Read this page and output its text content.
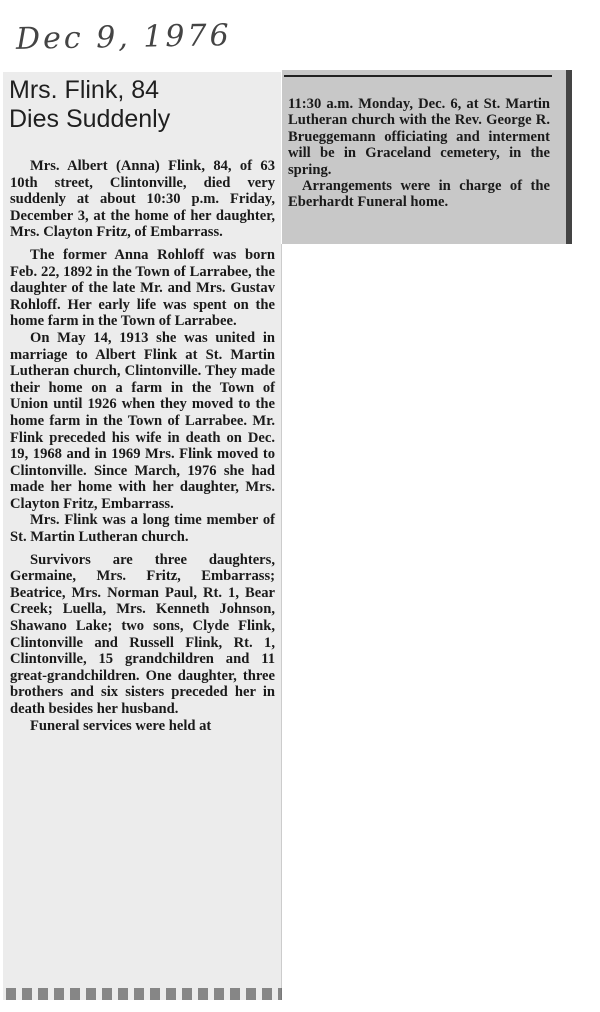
Dec 9, 1976
Mrs. Flink, 84
Dies Suddenly

Mrs. Albert (Anna) Flink, 84, of 63 10th street, Clintonville, died very suddenly at about 10:30 p.m. Friday, December 3, at the home of her daughter, Mrs. Clayton Fritz, of Embarrass.

The former Anna Rohloff was born Feb. 22, 1892 in the Town of Larrabee, the daughter of the late Mr. and Mrs. Gustav Rohloff. Her early life was spent on the home farm in the Town of Larrabee.

On May 14, 1913 she was united in marriage to Albert Flink at St. Martin Lutheran church, Clintonville. They made their home on a farm in the Town of Union until 1926 when they moved to the home farm in the Town of Larrabee. Mr. Flink preceded his wife in death on Dec. 19, 1968 and in 1969 Mrs. Flink moved to Clintonville. Since March, 1976 she had made her home with her daughter, Mrs. Clayton Fritz, Embarrass.

Mrs. Flink was a long time member of St. Martin Lutheran church.

Survivors are three daughters, Germaine, Mrs. Fritz, Embarrass; Beatrice, Mrs. Norman Paul, Rt. 1, Bear Creek; Luella, Mrs. Kenneth Johnson, Shawano Lake; two sons, Clyde Flink, Clintonville and Russell Flink, Rt. 1, Clintonville, 15 grandchildren and 11 great-grandchildren. One daughter, three brothers and six sisters preceded her in death besides her husband.

Funeral services were held at

11:30 a.m. Monday, Dec. 6, at St. Martin Lutheran church with the Rev. George R. Brueggemann officiating and interment will be in Graceland cemetery, in the spring.

Arrangements were in charge of the Eberhardt Funeral home.
